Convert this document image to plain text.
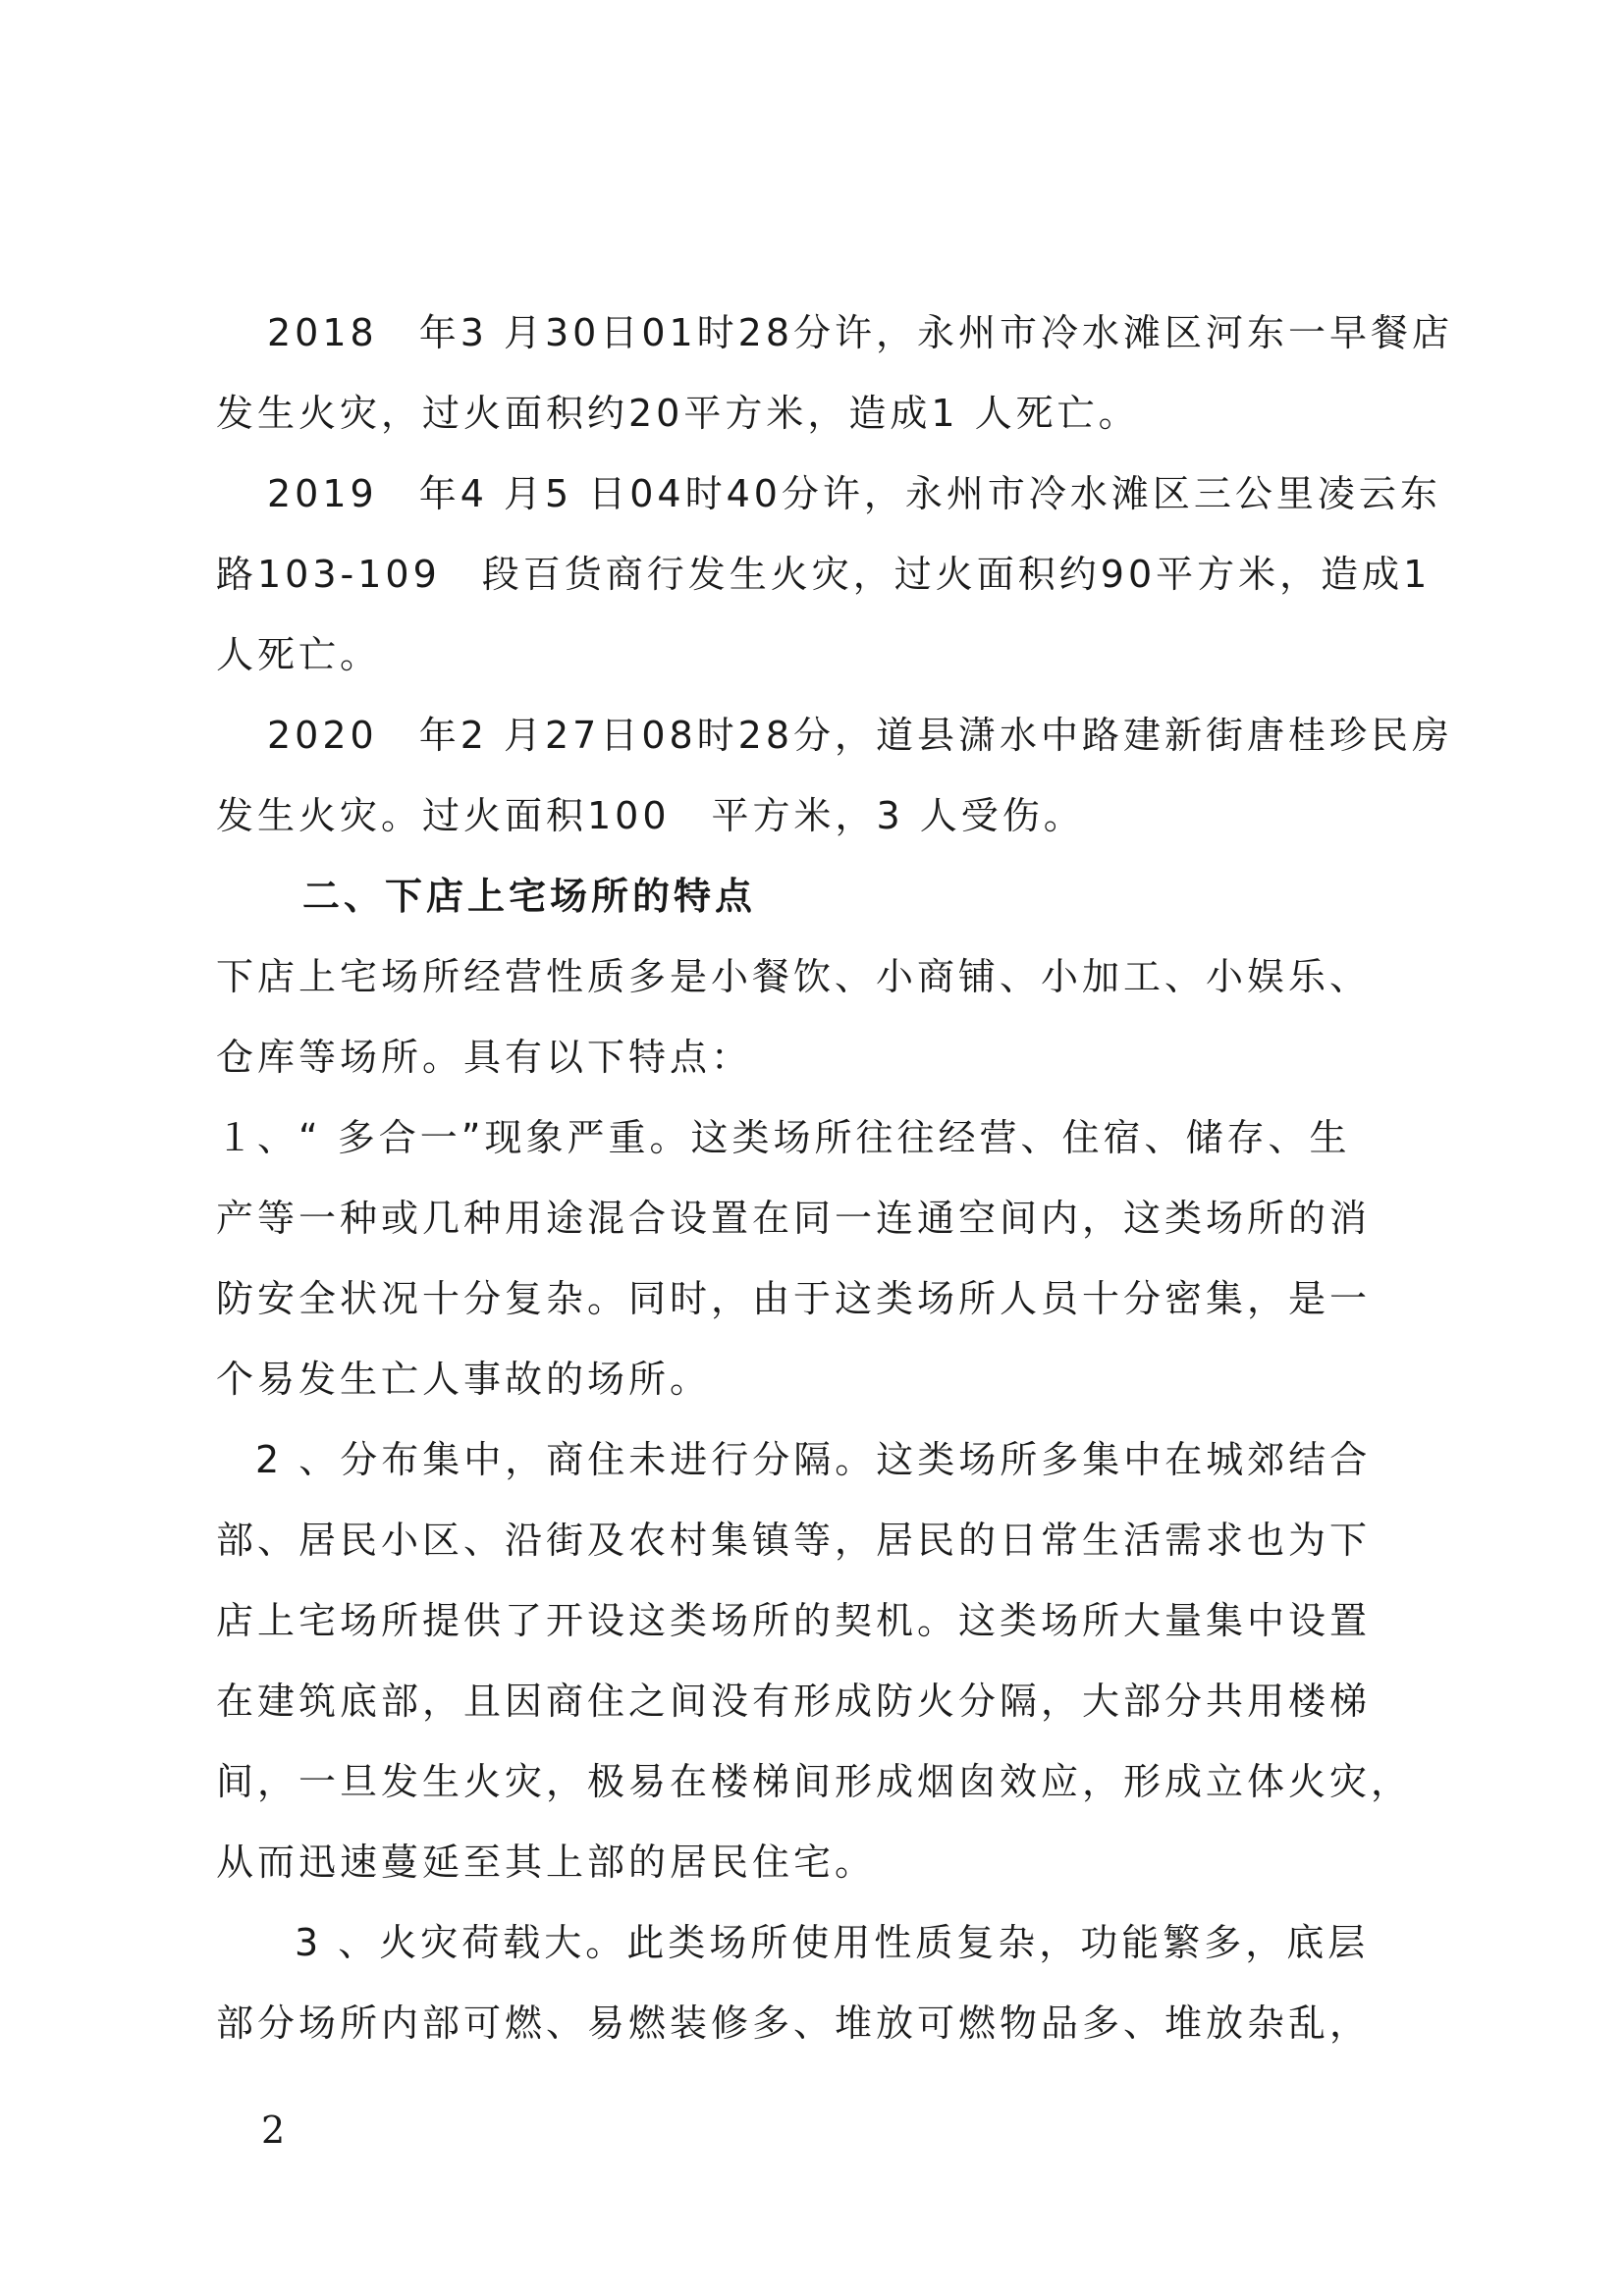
2018　年3 月30日01时28分许，永州市冷水滩区河东一早餐店
发生火灾，过火面积约20平方米，造成1 人死亡。
2019　年4 月5 日04时40分许，永州市冷水滩区三公里凌云东
路103-109　段百货商行发生火灾，过火面积约90平方米，造成1
人死亡。
2020　年2 月27日08时28分，道县潇水中路建新街唐桂珍民房
发生火灾。过火面积100　平方米，3 人受伤。
二、下店上宅场所的特点
下店上宅场所经营性质多是小餐饮、小商铺、小加工、小娱乐、
仓库等场所。具有以下特点：
１、“ 多合一”现象严重。这类场所往往经营、住宿、储存、生
产等一种或几种用途混合设置在同一连通空间内，这类场所的消
防安全状况十分复杂。同时，由于这类场所人员十分密集，是一
个易发生亡人事故的场所。
2 、分布集中，商住未进行分隔。这类场所多集中在城郊结合
部、居民小区、沿街及农村集镇等，居民的日常生活需求也为下
店上宅场所提供了开设这类场所的契机。这类场所大量集中设置
在建筑底部，且因商住之间没有形成防火分隔，大部分共用楼梯
间，一旦发生火灾，极易在楼梯间形成烟囱效应，形成立体火灾，
从而迅速蔓延至其上部的居民住宅。
3 、火灾荷载大。此类场所使用性质复杂，功能繁多，底层
部分场所内部可燃、易燃装修多、堆放可燃物品多、堆放杂乱，
2
